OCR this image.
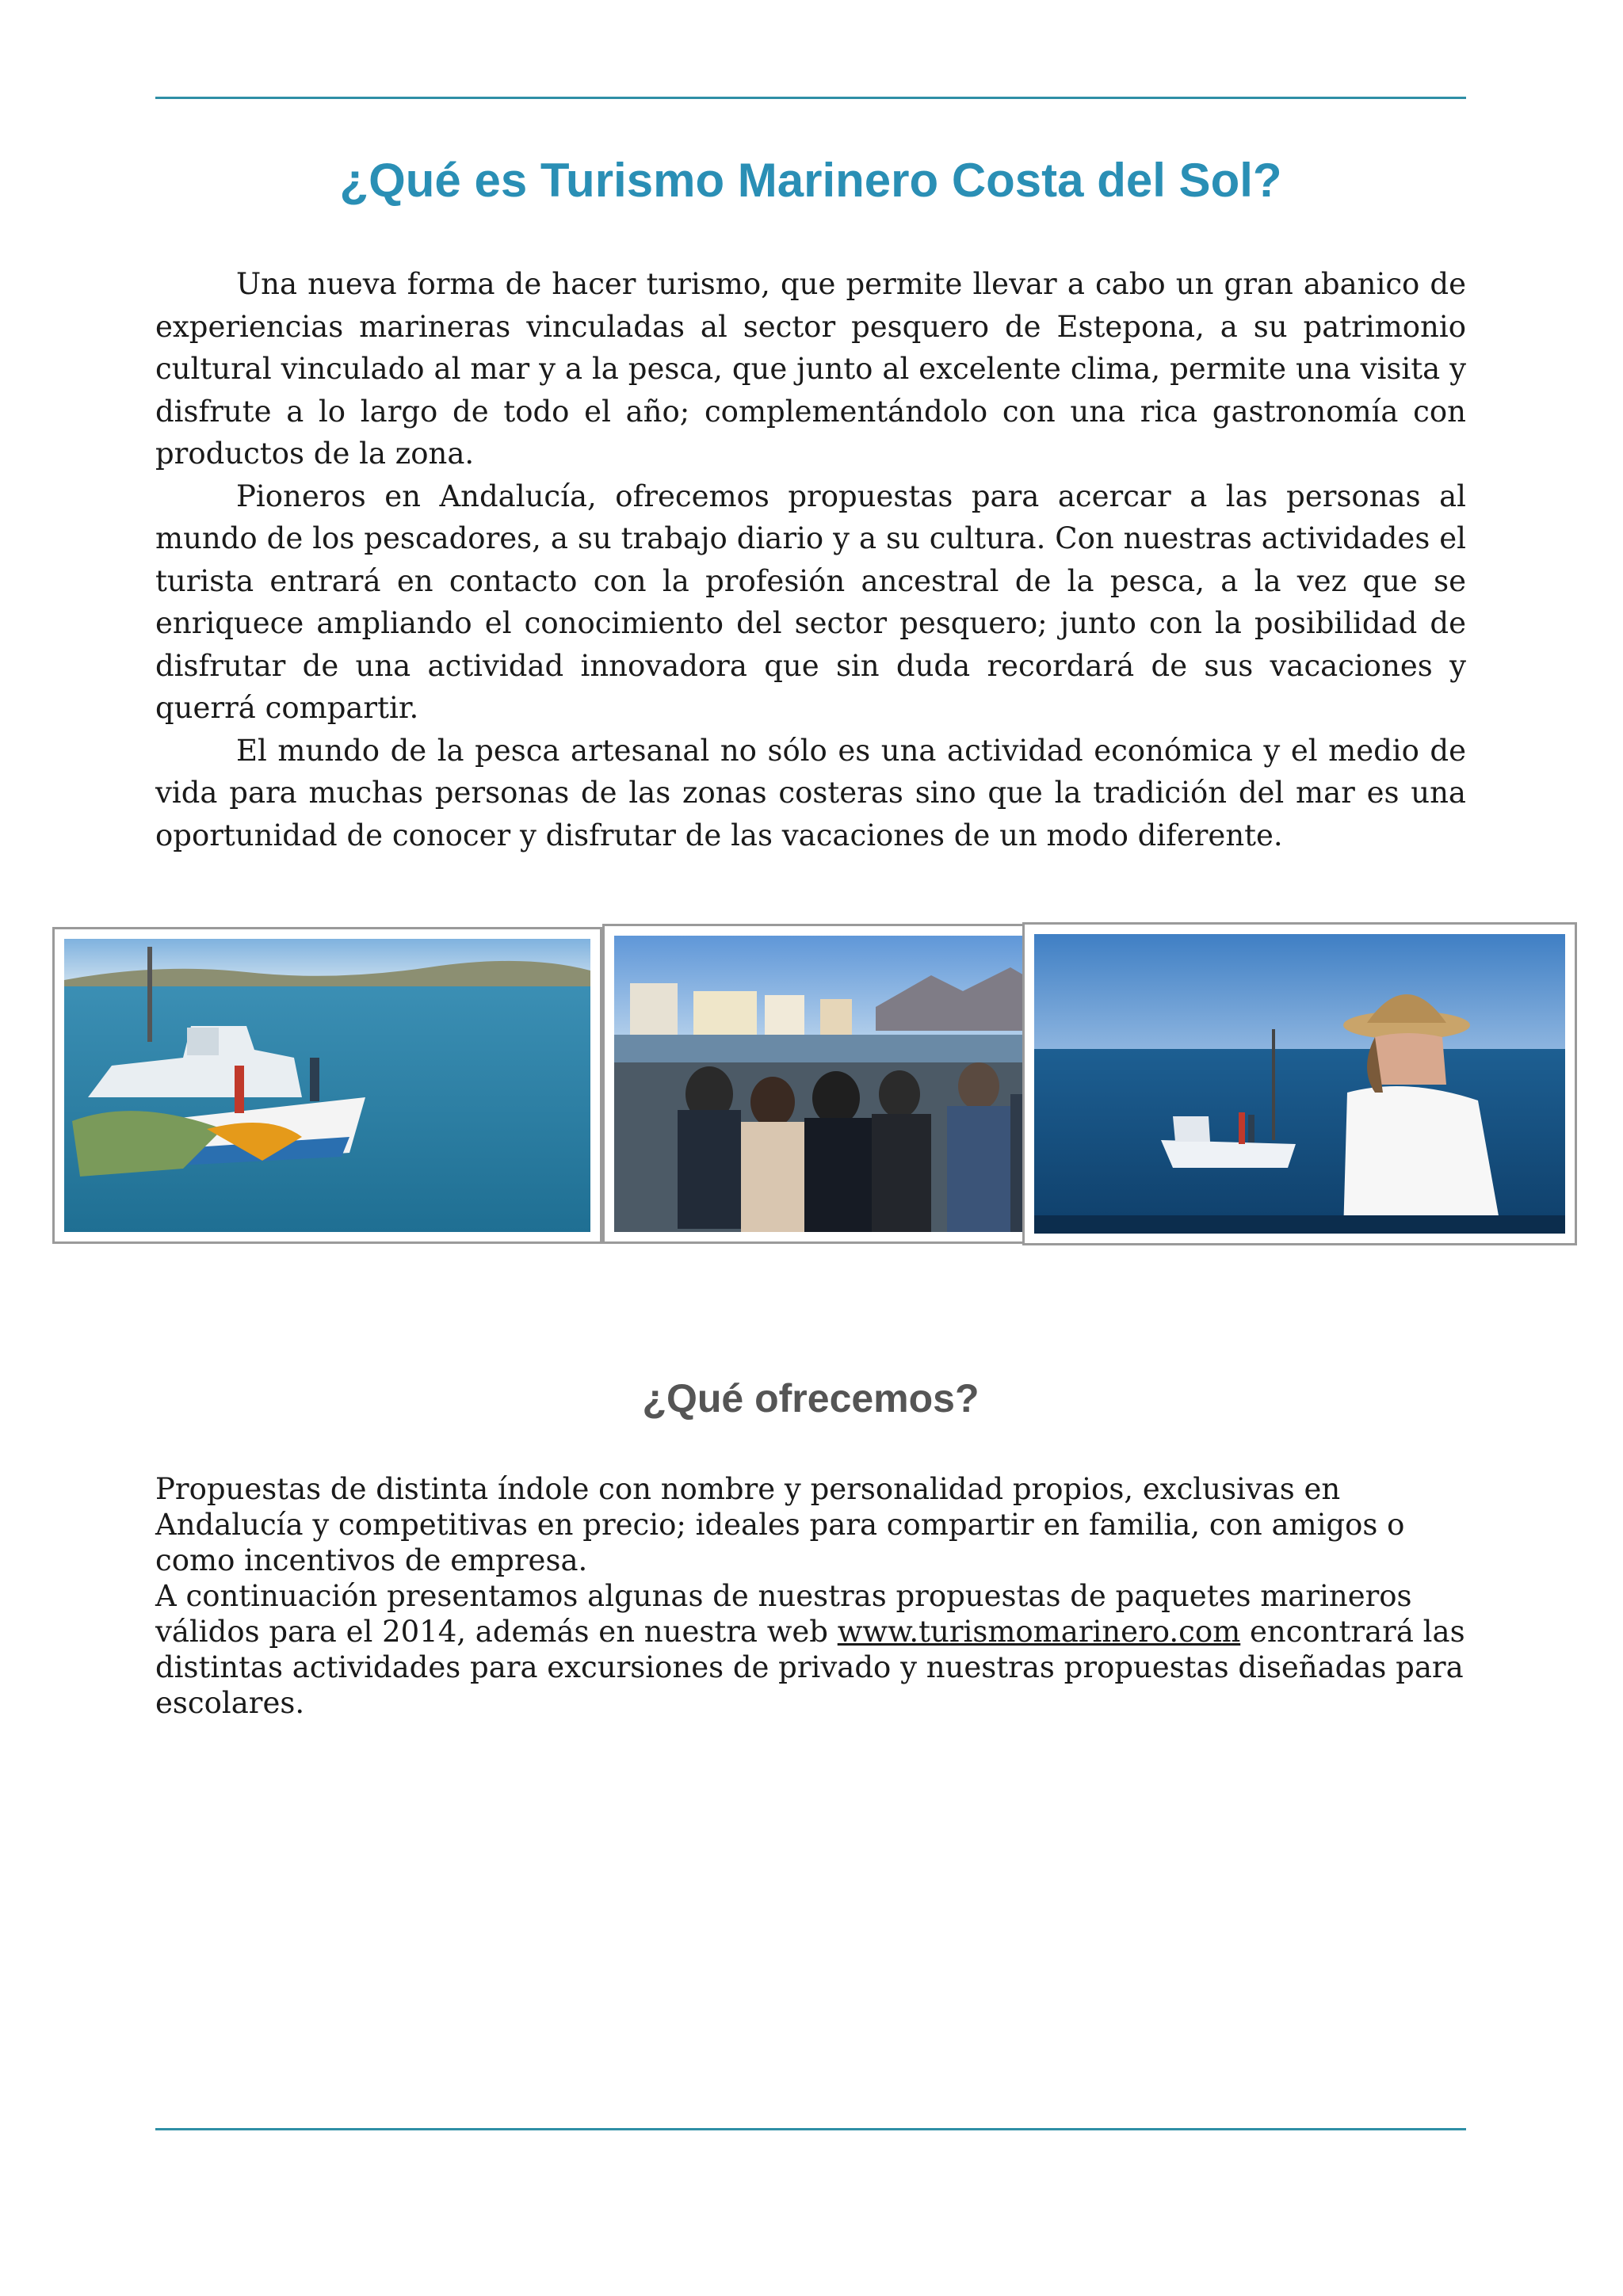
¿Qué es Turismo Marinero Costa del Sol?

Una nueva forma de hacer turismo, que permite llevar a cabo un gran abanico de experiencias marineras vinculadas al sector pesquero de Estepona, a su patrimonio cultural vinculado al mar y a la pesca, que junto al excelente clima, permite una visita y disfrute a lo largo de todo el año; complementándolo con una rica gastronomía con productos de la zona.

Pioneros en Andalucía, ofrecemos propuestas para acercar a las personas al mundo de los pescadores, a su trabajo diario y a su cultura. Con nuestras actividades el turista entrará en contacto con la profesión ancestral de la pesca, a la vez que se enriquece ampliando el conocimiento del sector pesquero; junto con la posibilidad de disfrutar de una actividad innovadora que sin duda recordará de sus vacaciones y querrá compartir.

El mundo de la pesca artesanal no sólo es una actividad económica y el medio de vida para muchas personas de las zonas costeras sino que la tradición del mar es una oportunidad de conocer y disfrutar de las vacaciones de un modo diferente.

¿Qué ofrecemos?

Propuestas de distinta índole con nombre y personalidad propios, exclusivas en Andalucía y competitivas en precio; ideales para compartir en familia, con amigos o como incentivos de empresa.

A continuación presentamos algunas de nuestras propuestas de paquetes marineros válidos para el 2014, además en nuestra web www.turismomarinero.com encontrará las distintas actividades para excursiones de privado y nuestras propuestas diseñadas para escolares.
